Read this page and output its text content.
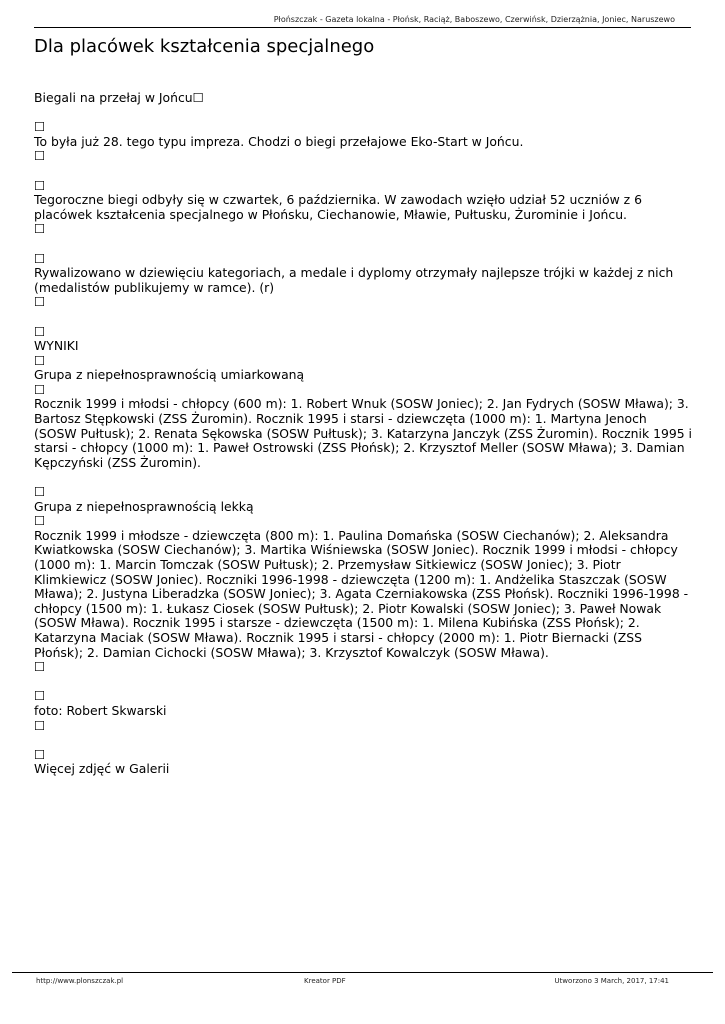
Płońszczak - Gazeta lokalna - Płońsk, Raciąż, Baboszewo, Czerwińsk, Dzierzążnia, Joniec, Naruszewo
Dla placówek kształcenia specjalnego

Biegali na przełaj w Jońcu☐

☐

To była już 28. tego typu impreza. Chodzi o biegi przełajowe Eko-Start w Jońcu.

☐
☐

Tegoroczne biegi odbyły się w czwartek, 6 października. W zawodach wzięło udział 52 uczniów z 6 placówek kształcenia specjalnego w Płońsku, Ciechanowie, Mławie, Pułtusku, Żurominie i Jońcu.

☐
☐

Rywalizowano w dziewięciu kategoriach, a medale i dyplomy otrzymały najlepsze trójki w każdej z nich (medalistów publikujemy w ramce). (r)

☐
☐

WYNIKI

☐

Grupa z niepełnosprawnością umiarkowaną

☐

Rocznik 1999 i młodsi - chłopcy (600 m): 1. Robert Wnuk (SOSW Joniec); 2. Jan Fydrych (SOSW Mława); 3. Bartosz Stępkowski (ZSS Żuromin). Rocznik 1995 i starsi - dziewczęta (1000 m): 1. Martyna Jenoch (SOSW Pułtusk); 2. Renata Sękowska (SOSW Pułtusk); 3. Katarzyna Janczyk (ZSS Żuromin). Rocznik 1995 i starsi - chłopcy (1000 m): 1. Paweł Ostrowski (ZSS Płońsk); 2. Krzysztof Meller (SOSW Mława); 3. Damian Kępczyński (ZSS Żuromin).

☐

Grupa z niepełnosprawnością lekką

☐

Rocznik 1999 i młodsze - dziewczęta (800 m): 1. Paulina Domańska (SOSW Ciechanów); 2. Aleksandra Kwiatkowska (SOSW Ciechanów); 3. Martika Wiśniewska (SOSW Joniec). Rocznik 1999 i młodsi - chłopcy (1000 m): 1. Marcin Tomczak (SOSW Pułtusk); 2. Przemysław Sitkiewicz (SOSW Joniec); 3. Piotr Klimkiewicz (SOSW Joniec). Roczniki 1996-1998 - dziewczęta (1200 m): 1. Andżelika Staszczak (SOSW Mława); 2. Justyna Liberadzka (SOSW Joniec); 3. Agata Czerniakowska (ZSS Płońsk). Roczniki 1996-1998 - chłopcy (1500 m): 1. Łukasz Ciosek (SOSW Pułtusk); 2. Piotr Kowalski (SOSW Joniec); 3. Paweł Nowak (SOSW Mława). Rocznik 1995 i starsze - dziewczęta (1500 m): 1. Milena Kubińska (ZSS Płońsk); 2. Katarzyna Maciak (SOSW Mława). Rocznik 1995 i starsi - chłopcy (2000 m): 1. Piotr Biernacki (ZSS Płońsk); 2. Damian Cichocki (SOSW Mława); 3. Krzysztof Kowalczyk (SOSW Mława).

☐
☐

foto: Robert Skwarski

☐
☐

Więcej zdjęć w Galerii

http://www.plonszczak.pl	Kreator PDF	Utworzono 3 March, 2017, 17:41
